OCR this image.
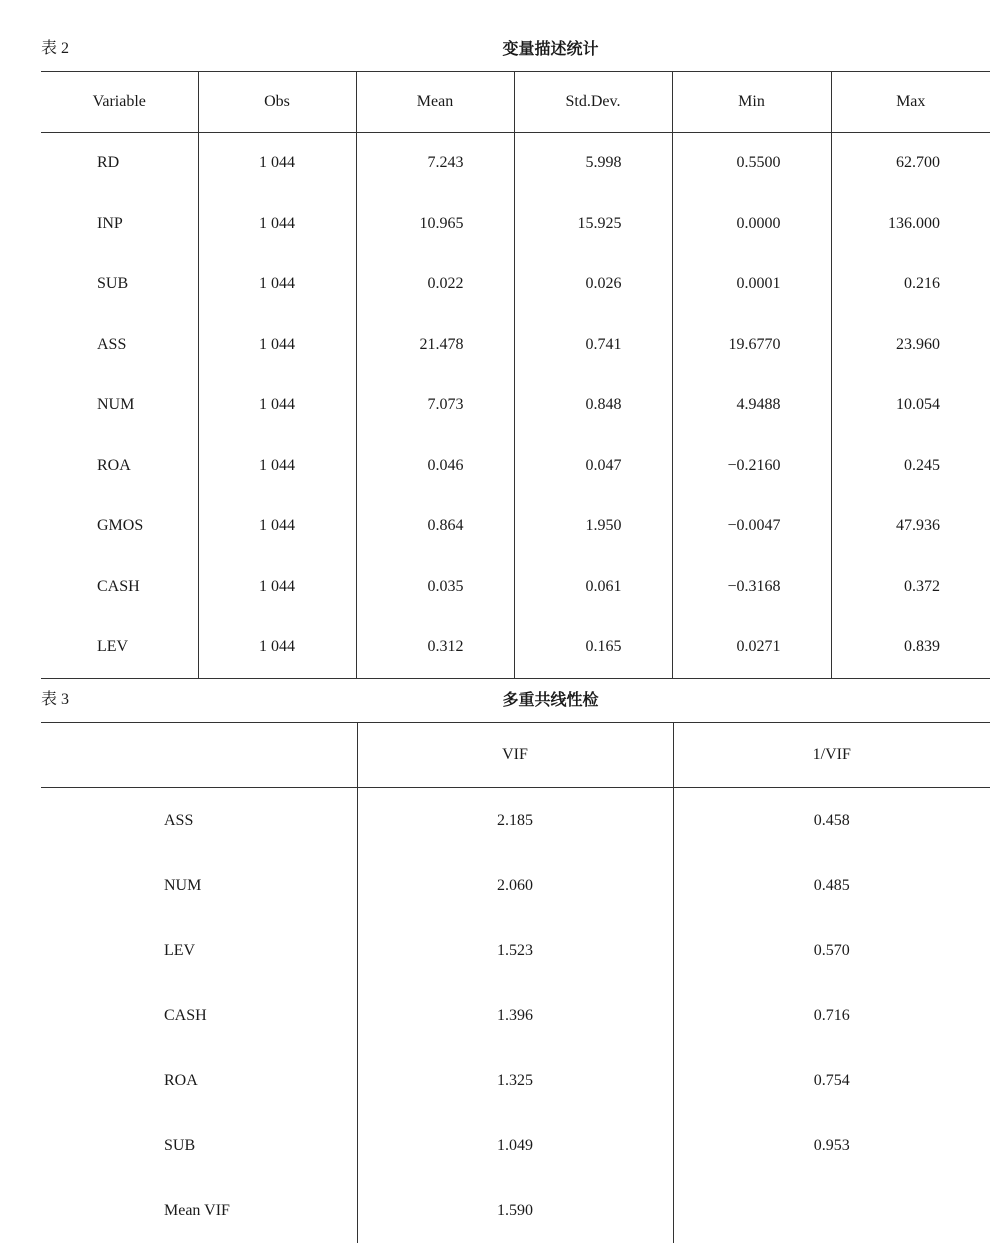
表 2	变量描述统计
Variable	Obs	Mean	Std.Dev.	Min	Max
RD	1 044	7.243	5.998	0.5500	62.700
INP	1 044	10.965	15.925	0.0000	136.000
SUB	1 044	0.022	0.026	0.0001	0.216
ASS	1 044	21.478	0.741	19.6770	23.960
NUM	1 044	7.073	0.848	4.9488	10.054
ROA	1 044	0.046	0.047	−0.2160	0.245
GMOS	1 044	0.864	1.950	−0.0047	47.936
CASH	1 044	0.035	0.061	−0.3168	0.372
LEV	1 044	0.312	0.165	0.0271	0.839
表 3	多重共线性检
	VIF	1/VIF
ASS	2.185	0.458
NUM	2.060	0.485
LEV	1.523	0.570
CASH	1.396	0.716
ROA	1.325	0.754
SUB	1.049	0.953
Mean VIF	1.590	
